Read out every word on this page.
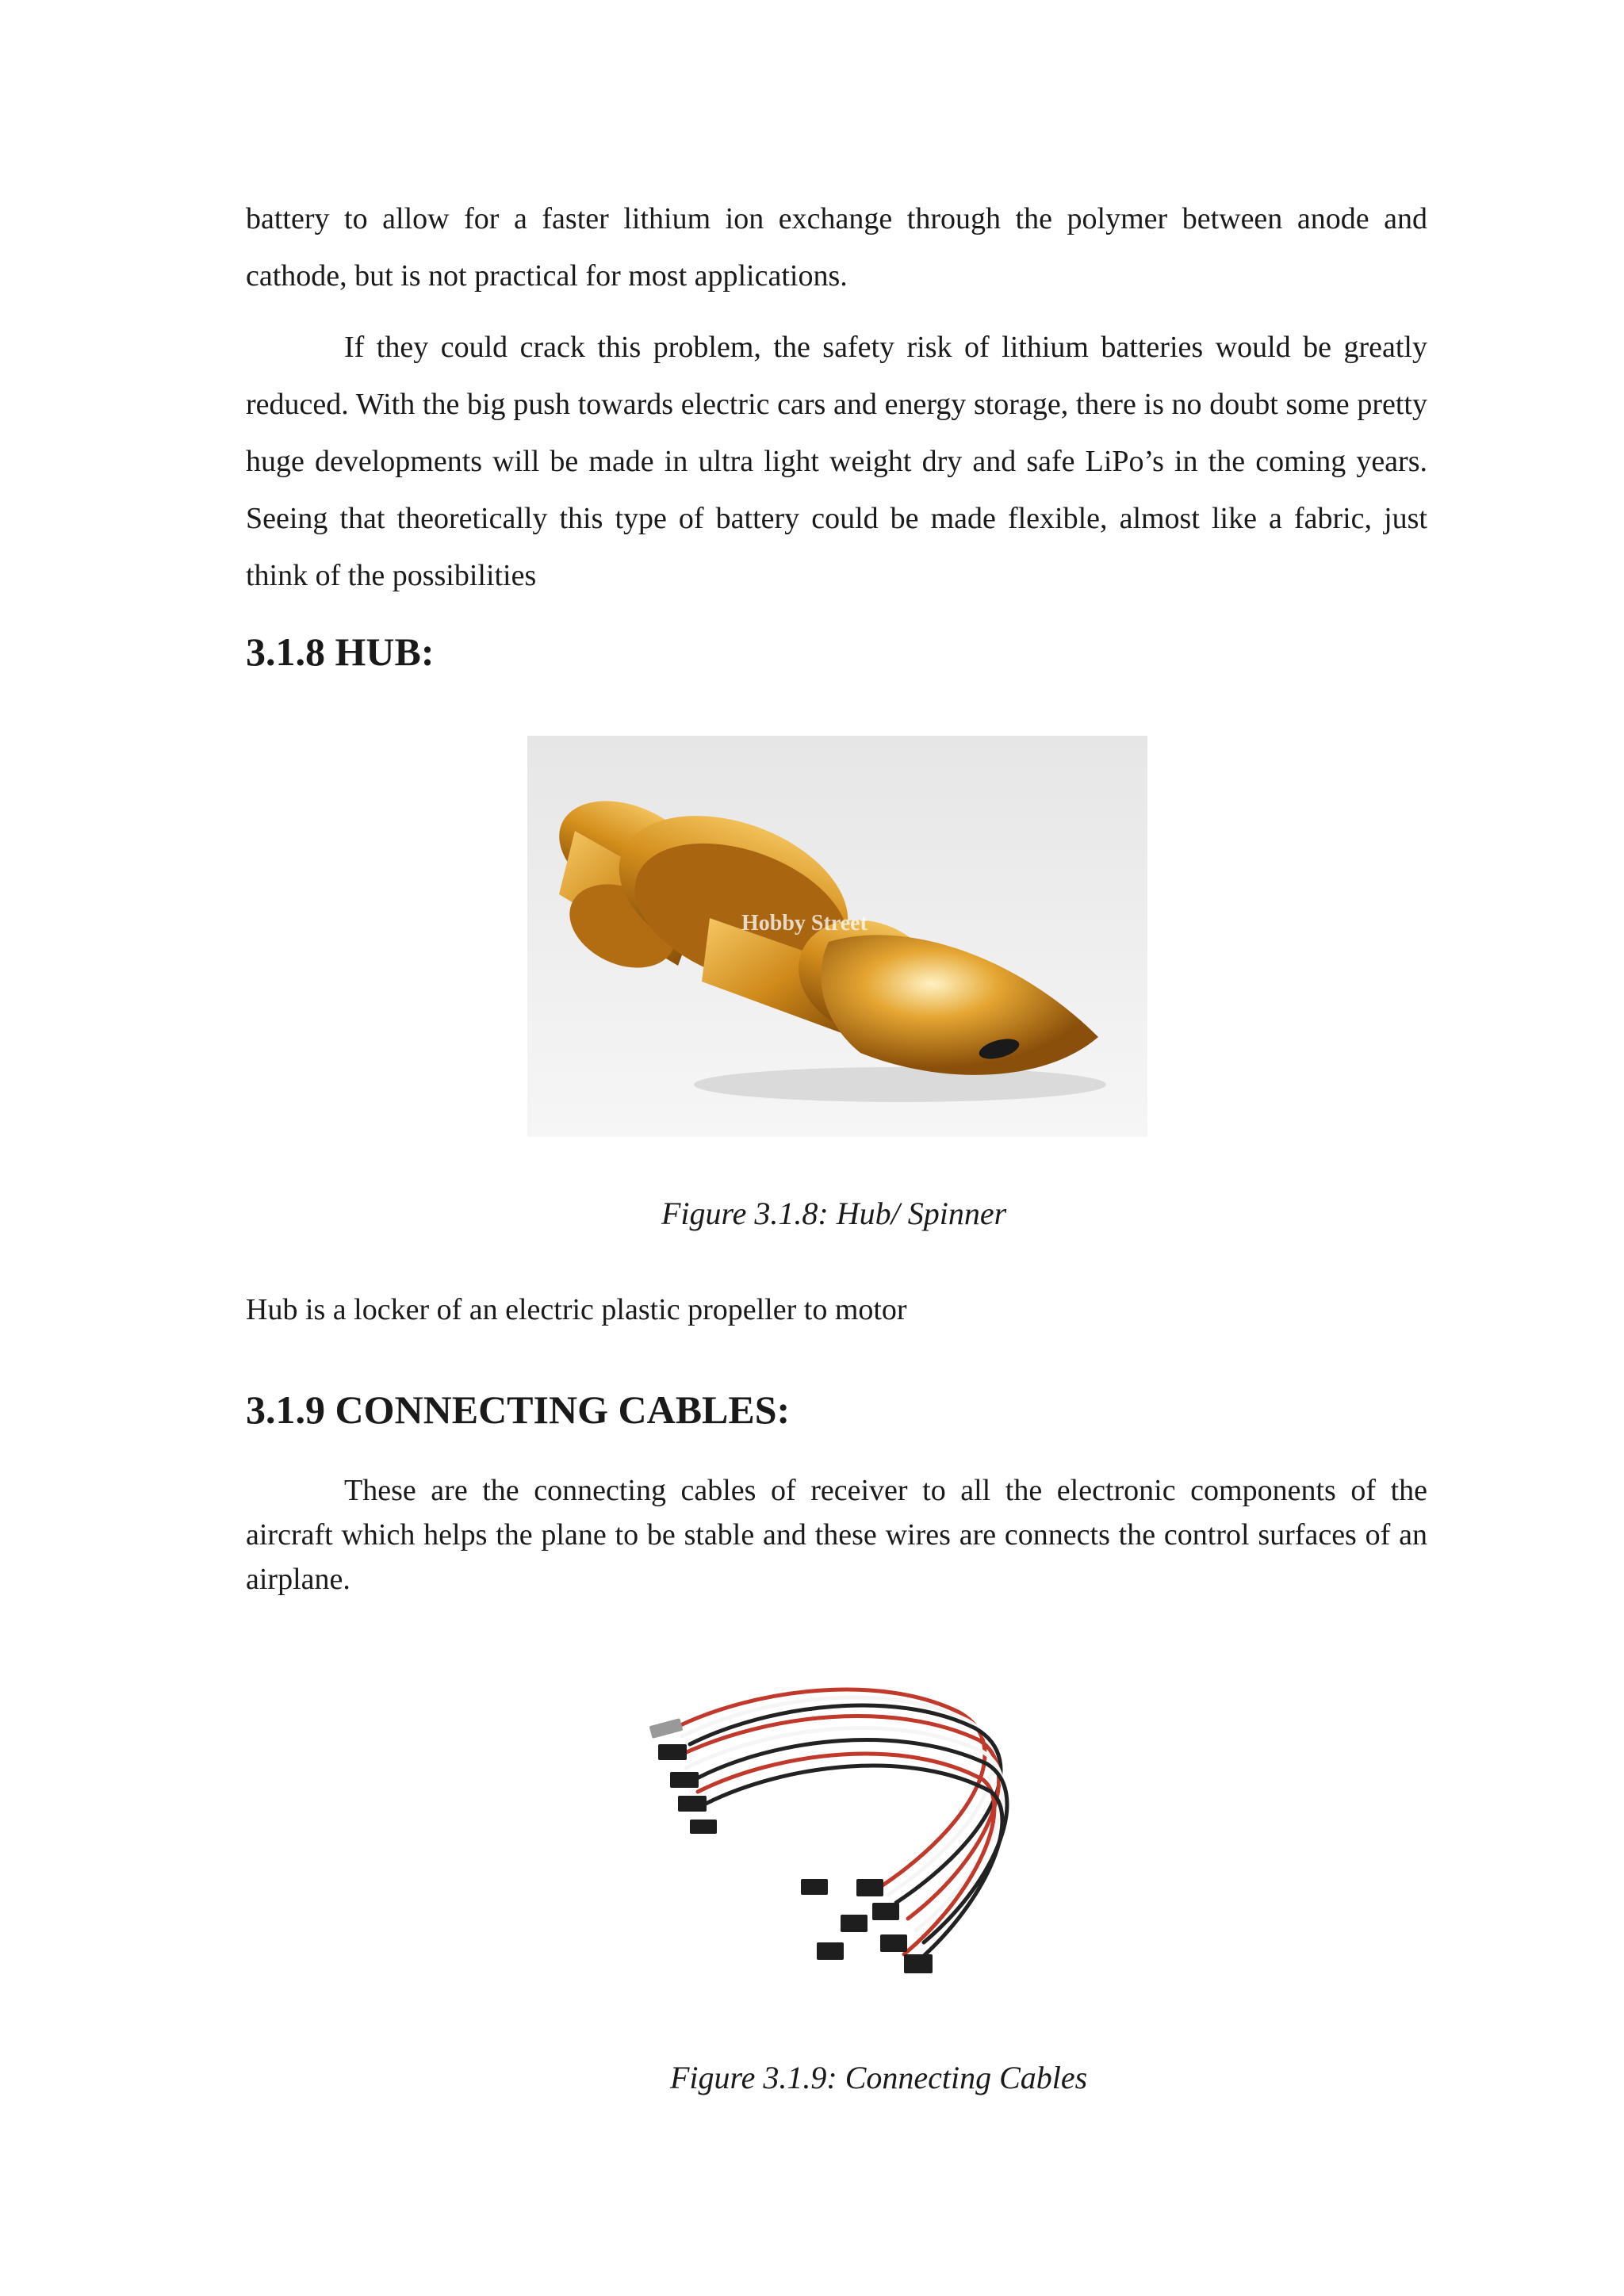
battery to allow for a faster lithium ion exchange through the polymer between anode and cathode, but is not practical for most applications.

If they could crack this problem, the safety risk of lithium batteries would be greatly reduced. With the big push towards electric cars and energy storage, there is no doubt some pretty huge developments will be made in ultra light weight dry and safe LiPo’s in the coming years. Seeing that theoretically this type of battery could be made flexible, almost like a fabric, just think of the possibilities

3.1.8 HUB:
Hobby Street

Figure 3.1.8: Hub/ Spinner

Hub is a locker of an electric plastic propeller to motor

3.1.9 CONNECTING CABLES:

These are the connecting cables of receiver to all the electronic components of the aircraft which helps the plane to be stable and these wires are connects the control surfaces of an airplane.

Figure 3.1.9: Connecting Cables
